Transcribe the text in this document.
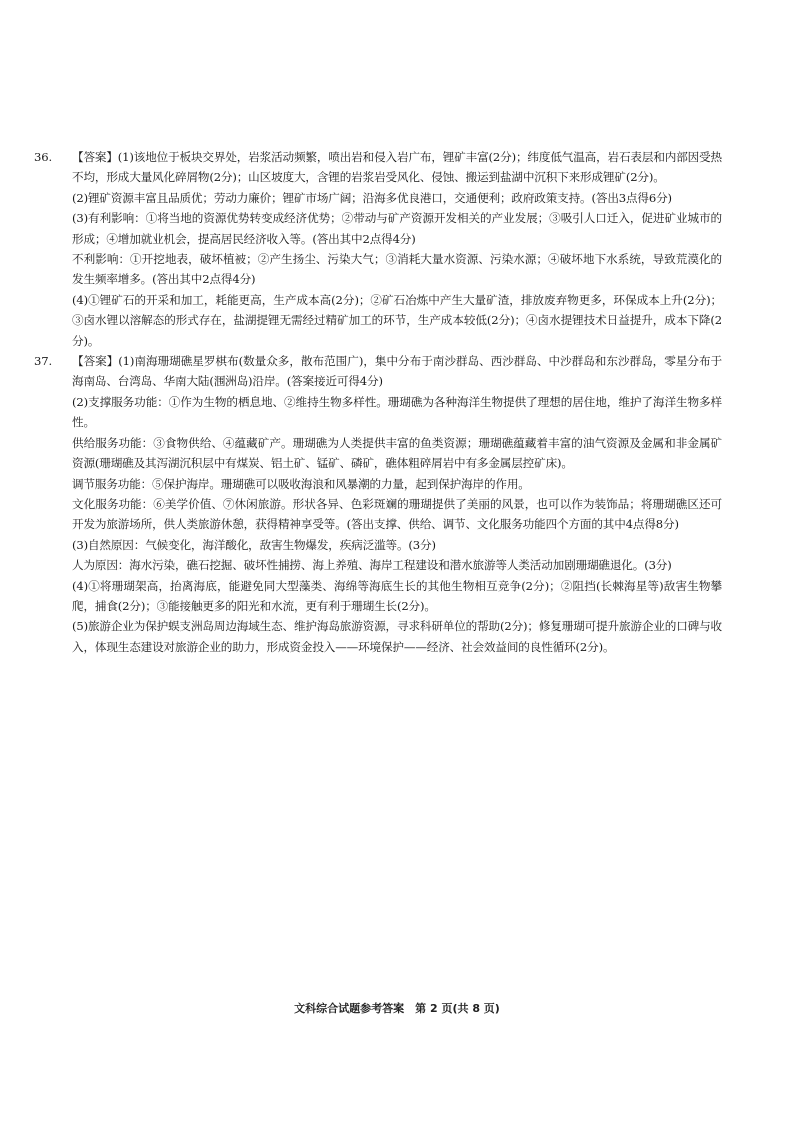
36. 【答案】(1)该地位于板块交界处，岩浆活动频繁，喷出岩和侵入岩广布，锂矿丰富(2分)；纬度低气温高，岩石表层和内部因受热不均，形成大量风化碎屑物(2分)；山区坡度大，含锂的岩浆岩受风化、侵蚀、搬运到盐湖中沉积下来形成锂矿(2分)。

(2)锂矿资源丰富且品质优；劳动力廉价；锂矿市场广阔；沿海多优良港口，交通便利；政府政策支持。(答出3点得6分)

(3)有利影响：①将当地的资源优势转变成经济优势；②带动与矿产资源开发相关的产业发展；③吸引人口迁入，促进矿业城市的形成；④增加就业机会，提高居民经济收入等。(答出其中2点得4分)

不利影响：①开挖地表，破坏植被；②产生扬尘、污染大气；③消耗大量水资源、污染水源；④破坏地下水系统，导致荒漠化的发生频率增多。(答出其中2点得4分)

(4)①锂矿石的开采和加工，耗能更高，生产成本高(2分)；②矿石冶炼中产生大量矿渣，排放废弃物更多，环保成本上升(2分)；③卤水锂以溶解态的形式存在，盐湖提锂无需经过精矿加工的环节，生产成本较低(2分)；④卤水提锂技术日益提升，成本下降(2分)。

37. 【答案】(1)南海珊瑚礁星罗棋布(数量众多，散布范围广)，集中分布于南沙群岛、西沙群岛、中沙群岛和东沙群岛，零星分布于海南岛、台湾岛、华南大陆(涠洲岛)沿岸。(答案接近可得4分)

(2)支撑服务功能：①作为生物的栖息地、②维持生物多样性。珊瑚礁为各种海洋生物提供了理想的居住地，维护了海洋生物多样性。

供给服务功能：③食物供给、④蕴藏矿产。珊瑚礁为人类提供丰富的鱼类资源；珊瑚礁蕴藏着丰富的油气资源及金属和非金属矿资源(珊瑚礁及其泻湖沉积层中有煤炭、铝土矿、锰矿、磷矿，礁体粗碎屑岩中有多金属层控矿床)。

调节服务功能：⑤保护海岸。珊瑚礁可以吸收海浪和风暴潮的力量，起到保护海岸的作用。

文化服务功能：⑥美学价值、⑦休闲旅游。形状各异、色彩斑斓的珊瑚提供了美丽的风景，也可以作为装饰品；将珊瑚礁区还可开发为旅游场所，供人类旅游休憩，获得精神享受等。(答出支撑、供给、调节、文化服务功能四个方面的其中4点得8分)

(3)自然原因：气候变化，海洋酸化，敌害生物爆发，疾病泛滥等。(3分)

人为原因：海水污染，礁石挖掘、破坏性捕捞、海上养殖、海岸工程建设和潜水旅游等人类活动加剧珊瑚礁退化。(3分)

(4)①将珊瑚架高，抬离海底，能避免同大型藻类、海绵等海底生长的其他生物相互竞争(2分)；②阻挡(长棘海星等)敌害生物攀爬，捕食(2分)；③能接触更多的阳光和水流，更有利于珊瑚生长(2分)。

(5)旅游企业为保护蜈支洲岛周边海域生态、维护海岛旅游资源，寻求科研单位的帮助(2分)；修复珊瑚可提升旅游企业的口碑与收入，体现生态建设对旅游企业的助力，形成资金投入——环境保护——经济、社会效益间的良性循环(2分)。

文科综合试题参考答案　第 2 页(共 8 页)
